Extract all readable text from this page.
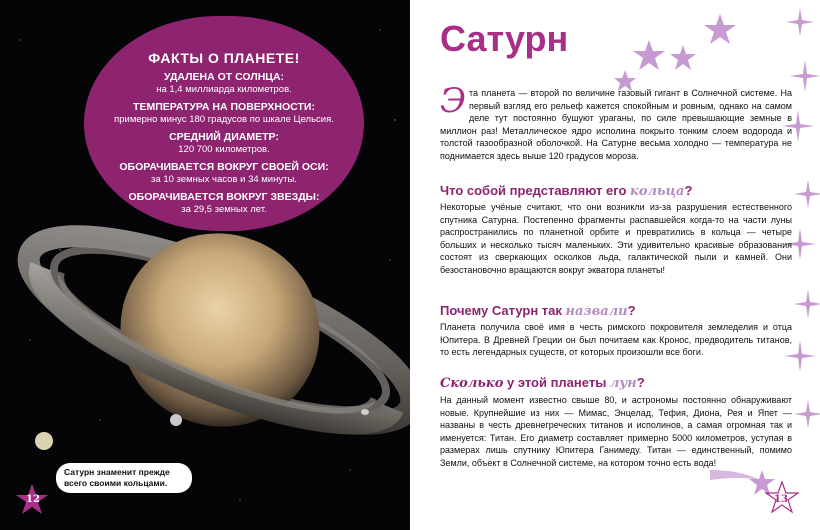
ФАКТЫ О ПЛАНЕТЕ!
УДАЛЕНА ОТ СОЛНЦА:
на 1,4 миллиарда километров.
ТЕМПЕРАТУРА НА ПОВЕРХНОСТИ:
примерно минус 180 градусов по шкале Цельсия.
СРЕДНИЙ ДИАМЕТР:
120 700 километров.
ОБОРАЧИВАЕТСЯ ВОКРУГ СВОЕЙ ОСИ:
за 10 земных часов и 34 минуты.
ОБОРАЧИВАЕТСЯ ВОКРУГ ЗВЕЗДЫ:
за 29,5 земных лет.
Сатурн знаменит прежде
всего своими кольцами.
12
Сатурн
Э та планета — второй по величине газовый гигант в Солнечной системе. На первый взгляд его рельеф кажется спокойным и ровным, однако на самом деле тут постоянно бушуют ураганы, по силе превышающие земные в миллион раз! Металлическое ядро исполина покрыто тонким слоем водорода и толстой газообразной оболочкой. На Сатурне весьма холодно — температура не поднимается здесь выше 120 градусов мороза.
Что собой представляют его кольца?
Некоторые учёные считают, что они возникли из-за разрушения естественного спутника Сатурна. Постепенно фрагменты распавшейся когда-то на части луны распространились по планетной орбите и превратились в кольца — четыре больших и несколько тысяч маленьких. Эти удивительно красивые образования состоят из сверкающих осколков льда, галактической пыли и камней. Они безостановочно вращаются вокруг экватора планеты!
Почему Сатурн так назвали?
Планета получила своё имя в честь римского покровителя земледелия и отца Юпитера. В Древней Греции он был почитаем как Кронос, предводитель титанов, то есть легендарных существ, от которых произошли все боги.
Сколько у этой планеты лун?
На данный момент известно свыше 80, и астрономы постоянно обнаруживают новые. Крупнейшие из них — Мимас, Энцелад, Тефия, Диона, Рея и Япет — названы в честь древнегреческих титанов и исполинов, а самая огромная так и именуется: Титан. Его диаметр составляет примерно 5000 километров, уступая в размерах лишь спутнику Юпитера Ганимеду. Титан — единственный, помимо Земли, объект в Солнечной системе, на котором точно есть вода!
13
